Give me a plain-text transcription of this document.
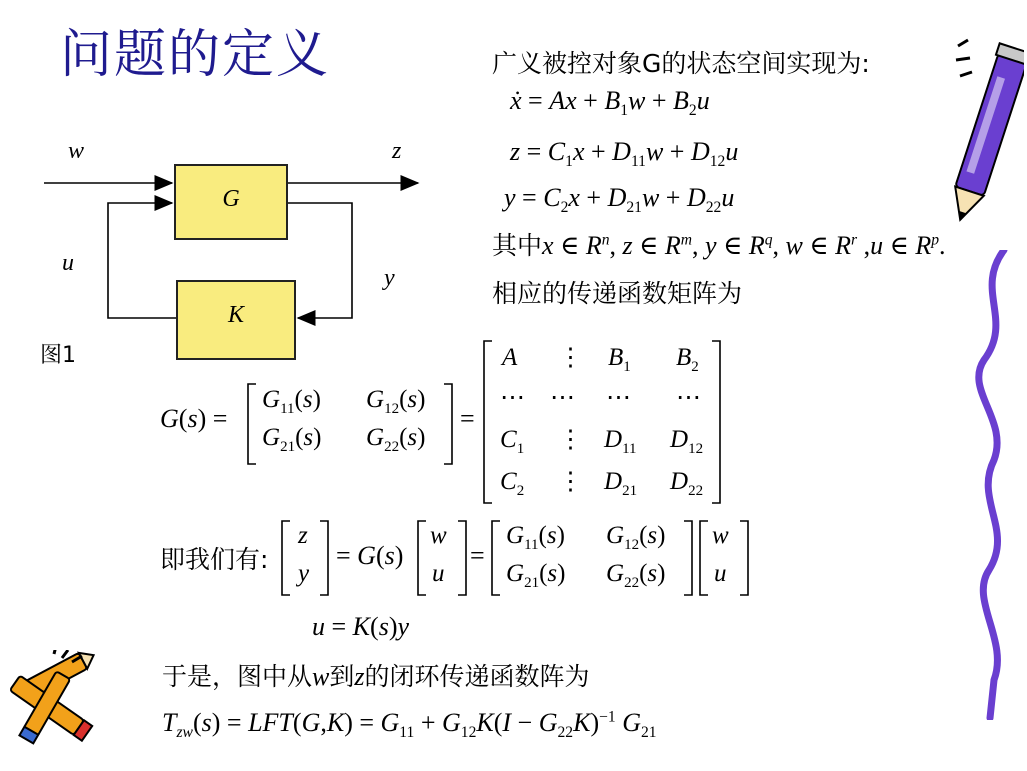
问题的定义
G
K
w	z
u
y
图1
广义被控对象G的状态空间实现为:
ẋ = $Ax + B_1w + B_2u$
$z = C_1x + D_{11}w + D_{12}u$
$y = C_2x + D_{21}w + D_{22}u$
其中x ∈ $R^n$, z ∈ $R^m$, y ∈ $R^q$, w ∈ $R^r$ ,u ∈ $R^p$.
相应的传递函数矩阵为
G(s) =
$G_{11}(s)$ $G_{12}(s)$
$G_{21}(s)$ $G_{22}(s)$
=
A ⋮ $B_1$ $B_2$
⋯ ⋯ ⋯ ⋯
$C_1$ ⋮ $D_{11}$ $D_{12}$
$C_2$ ⋮ $D_{21}$ $D_{22}$
即我们有:
z
y
= G(s)
w
u
=
$G_{11}(s)$ $G_{12}(s)$
$G_{21}(s)$ $G_{22}(s)$
w
u
u = K(s)y
于是，图中从w到z的闭环传递函数阵为
$T_{zw}(s) = LFT(G,K) = G_{11} + G_{12}K(I - G_{22}K)^{-1}$ $G_{21}$
